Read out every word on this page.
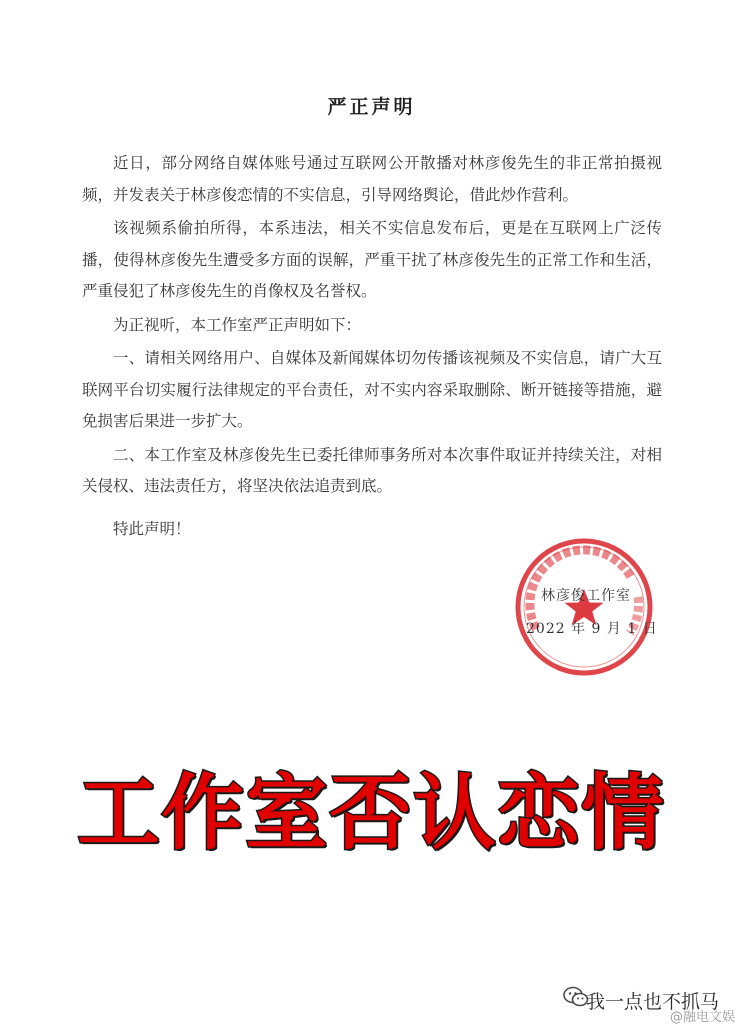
严正声明

近日，部分网络自媒体账号通过互联网公开散播对林彦俊先生的非正常拍摄视频，并发表关于林彦俊恋情的不实信息，引导网络舆论，借此炒作营利。

该视频系偷拍所得，本系违法，相关不实信息发布后，更是在互联网上广泛传播，使得林彦俊先生遭受多方面的误解，严重干扰了林彦俊先生的正常工作和生活，严重侵犯了林彦俊先生的肖像权及名誉权。

为正视听，本工作室严正声明如下：

一、请相关网络用户、自媒体及新闻媒体切勿传播该视频及不实信息，请广大互联网平台切实履行法律规定的平台责任，对不实内容采取删除、断开链接等措施，避免损害后果进一步扩大。

二、本工作室及林彦俊先生已委托律师事务所对本次事件取证并持续关注，对相关侵权、违法责任方，将坚决依法追责到底。

特此声明！
林彦俊工作室
2022 年 9 月 1 日
工作室否认恋情
我一点也不抓马
@融电文娱
